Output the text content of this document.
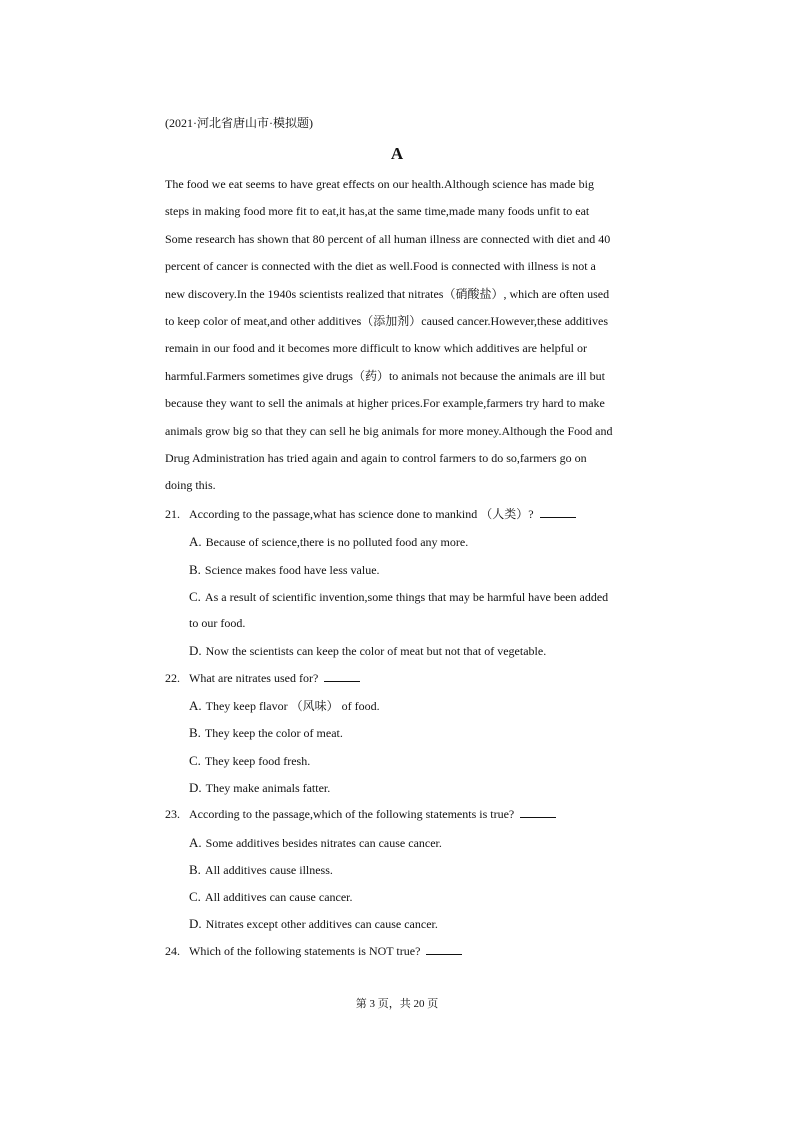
(2021·河北省唐山市·模拟题)
A
The food we eat seems to have great effects on our health.Although science has made big
steps in making food more fit to eat,it has,at the same time,made many foods unfit to eat
Some research has shown that 80 percent of all human illness are connected with diet and 40
percent of cancer is connected with the diet as well.Food is connected with illness is not a
new discovery.In the 1940s scientists realized that nitrates（硝酸盐）, which are often used
to keep color of meat,and other additives（添加剂）caused cancer.However,these additives
remain in our food and it becomes more difficult to know which additives are helpful or
harmful.Farmers sometimes give drugs（药）to animals not because the animals are ill but
because they want to sell the animals at higher prices.For example,farmers try hard to make
animals grow big so that they can sell he big animals for more money.Although the Food and
Drug Administration has tried again and again to control farmers to do so,farmers go on
doing this.
21. According to the passage,what has science done to mankind （人类）?
A. Because of science,there is no polluted food any more.
B. Science makes food have less value.
C. As a result of scientific invention,some things that may be harmful have been added
to our food.
D. Now the scientists can keep the color of meat but not that of vegetable.
22. What are nitrates used for?
A. They keep flavor （风味） of food.
B. They keep the color of meat.
C. They keep food fresh.
D. They make animals fatter.
23. According to the passage,which of the following statements is true?
A. Some additives besides nitrates can cause cancer.
B. All additives cause illness.
C. All additives can cause cancer.
D. Nitrates except other additives can cause cancer.
24. Which of the following statements is NOT true?
第 3 页，共 20 页
